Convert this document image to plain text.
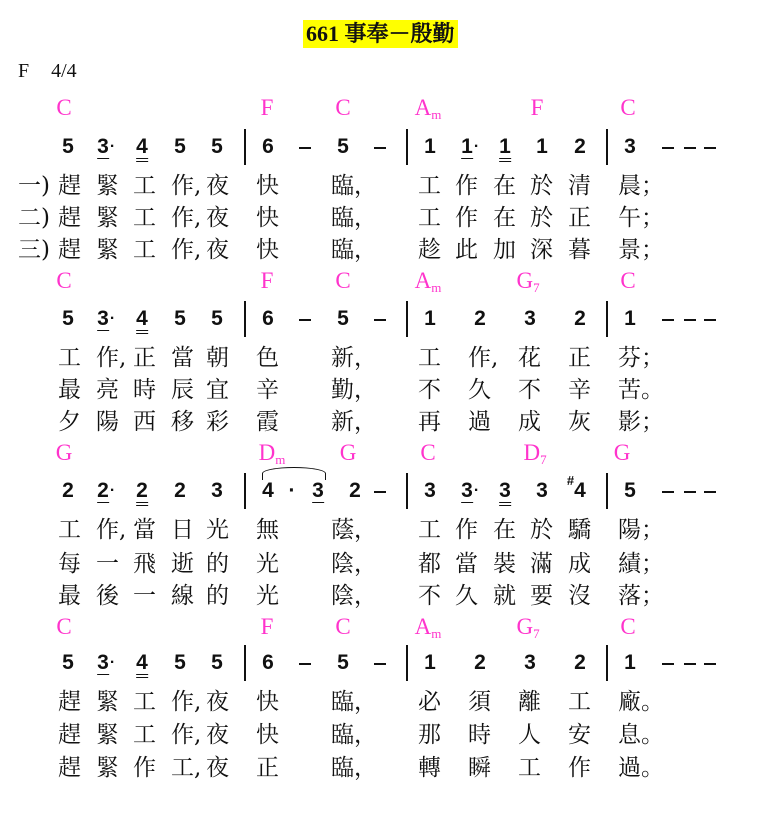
661 事奉－殷勤
F 4/4
C	F	C	$A_m$	F	C
5 3 · 4 5 5 6	5	1 1 · 1 1 2 3
一) 趕 緊 工 作, 夜 快 臨， 工 作 在 於 清 晨；
二) 趕 緊 工 作, 夜 快 臨， 工 作 在 於 正 午；
三) 趕 緊 工 作, 夜 快 臨， 趁 此 加 深 暮 景；
C	F	C	$A_m$	$G_7$	C
5 3 · 4 5 5 6	5	1 2 3 2 1
工 作, 正 當 朝 色 新， 工 作, 花 正 芬；
最 亮 時 辰 宜 辛 勤， 不 久 不 辛 苦。
夕 陽 西 移 彩 霞 新， 再 過 成 灰 影；
G	$D_m$ G	C	$D_7$	G
2 2 · 2 2 3 4 · 3 2	3 3 · 3 3 4
# 5
工 作, 當 日 光 無 蔭， 工 作 在 於 驕 陽；
每 一 飛 逝 的 光 陰， 都 當 裝 滿 成 績；
最 後 一 線 的 光 陰， 不 久 就 要 沒 落；
C	F	C	$A_m$	$G_7$	C
5 3 · 4 5 5 6	5	1 2 3 2 1
趕 緊 工 作, 夜 快 臨， 必 須 離 工 廠。
趕 緊 工 作, 夜 快 臨， 那 時 人 安 息。
趕 緊 作 工, 夜 正 臨， 轉 瞬 工 作 過。
